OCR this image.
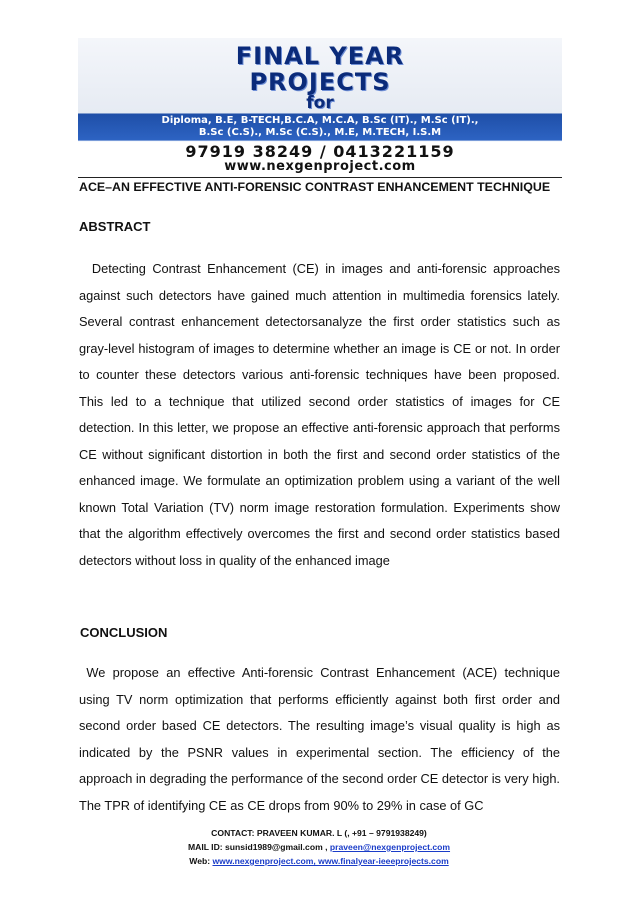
FINAL YEAR
PROJECTS
for
Diploma, B.E, B-TECH,B.C.A, M.C.A, B.Sc (IT)., M.Sc (IT).,
B.Sc (C.S)., M.Sc (C.S)., M.E, M.TECH, I.S.M
97919 38249 / 0413221159
www.nexgenproject.com
ACE–AN EFFECTIVE ANTI-FORENSIC CONTRAST ENHANCEMENT TECHNIQUE
ABSTRACT
Detecting Contrast Enhancement (CE) in images and anti-forensic approaches against such detectors have gained much attention in multimedia forensics lately. Several contrast enhancement detectorsanalyze the first order statistics such as gray-level histogram of images to determine whether an image is CE or not. In order to counter these detectors various anti-forensic techniques have been proposed. This led to a technique that utilized second order statistics of images for CE detection. In this letter, we propose an effective anti-forensic approach that performs CE without significant distortion in both the first and second order statistics of the enhanced image. We formulate an optimization problem using a variant of the well known Total Variation (TV) norm image restoration formulation. Experiments show that the algorithm effectively overcomes the first and second order statistics based detectors without loss in quality of the enhanced image
CONCLUSION
We propose an effective Anti-forensic Contrast Enhancement (ACE) technique using TV norm optimization that performs efficiently against both first order and second order based CE detectors. The resulting image’s visual quality is high as indicated by the PSNR values in experimental section. The efficiency of the approach in degrading the performance of the second order CE detector is very high. The TPR of identifying CE as CE drops from 90% to 29% in case of GC
CONTACT: PRAVEEN KUMAR. L (, +91 – 9791938249)
MAIL ID: sunsid1989@gmail.com , praveen@nexgenproject.com
Web: www.nexgenproject.com, www.finalyear-ieeeprojects.com
